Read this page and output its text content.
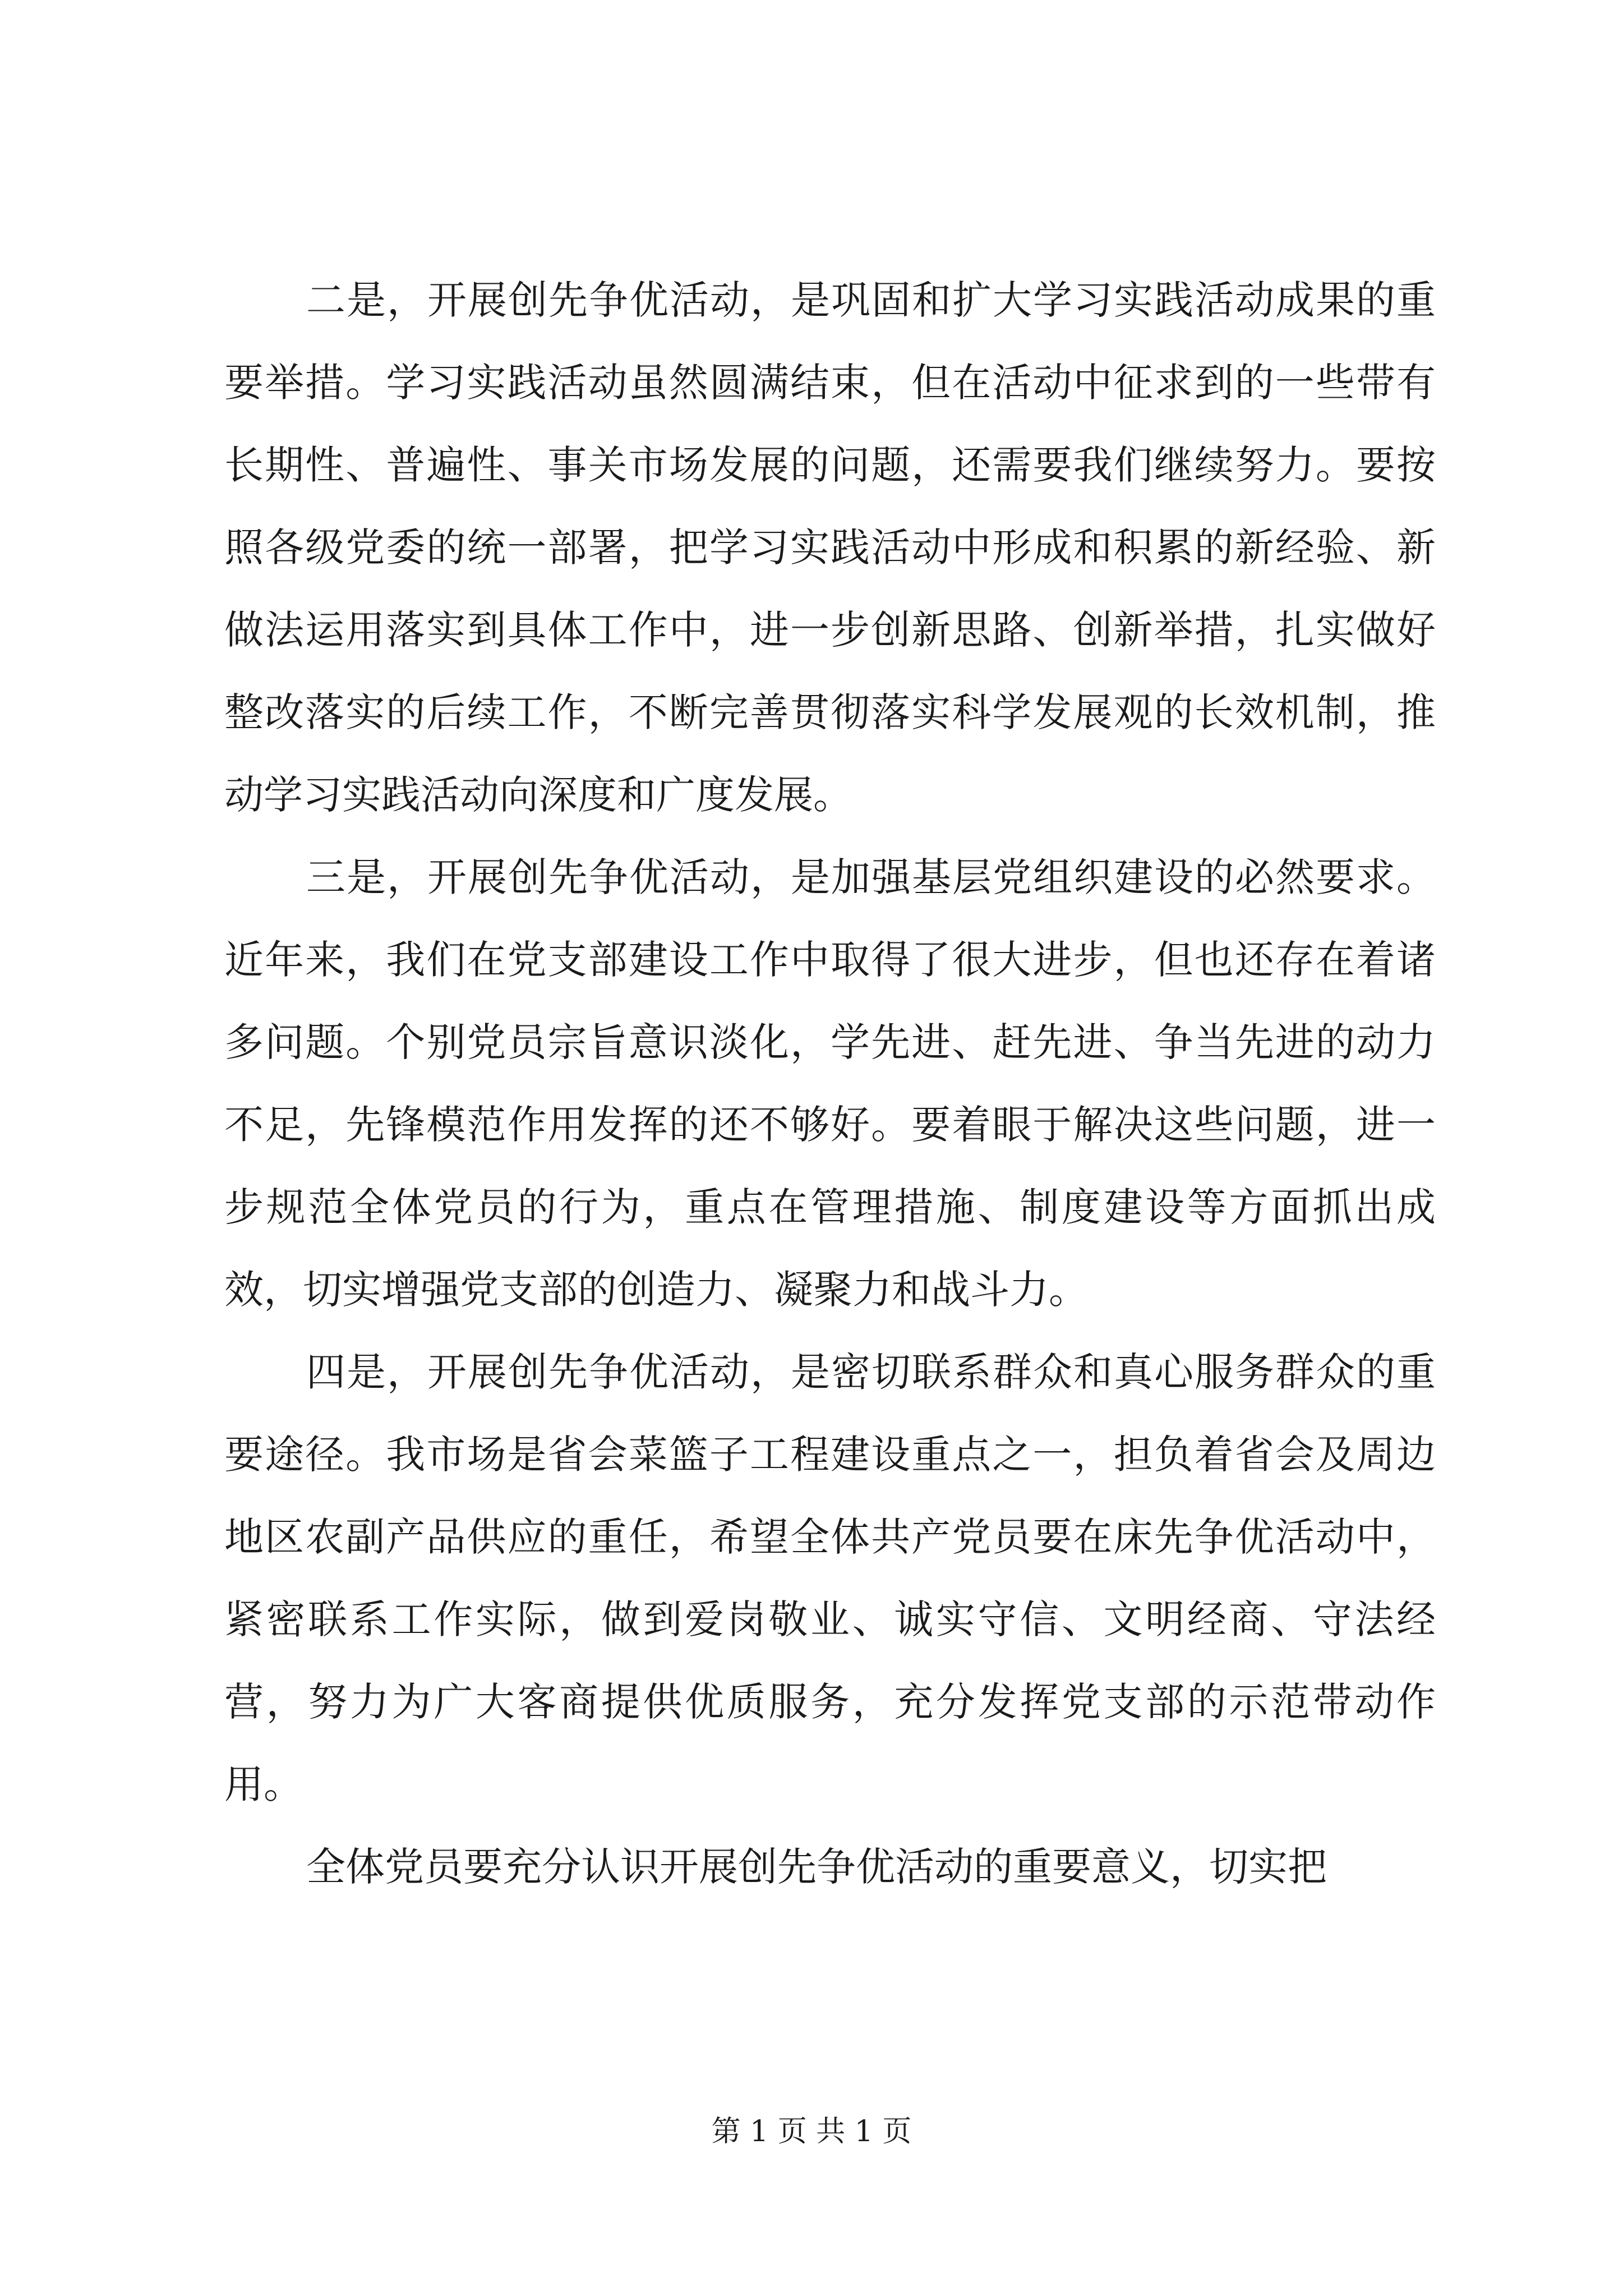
二是，开展创先争优活动，是巩固和扩大学习实践活动成果的重要举措。学习实践活动虽然圆满结束，但在活动中征求到的一些带有长期性、普遍性、事关市场发展的问题，还需要我们继续努力。要按照各级党委的统一部署，把学习实践活动中形成和积累的新经验、新做法运用落实到具体工作中，进一步创新思路、创新举措，扎实做好整改落实的后续工作，不断完善贯彻落实科学发展观的长效机制，推动学习实践活动向深度和广度发展。

三是，开展创先争优活动，是加强基层党组织建设的必然要求。近年来，我们在党支部建设工作中取得了很大进步，但也还存在着诸多问题。个别党员宗旨意识淡化，学先进、赶先进、争当先进的动力不足，先锋模范作用发挥的还不够好。要着眼于解决这些问题，进一步规范全体党员的行为，重点在管理措施、制度建设等方面抓出成效，切实增强党支部的创造力、凝聚力和战斗力。

四是，开展创先争优活动，是密切联系群众和真心服务群众的重要途径。我市场是省会菜篮子工程建设重点之一，担负着省会及周边地区农副产品供应的重任，希望全体共产党员要在床先争优活动中，紧密联系工作实际，做到爱岗敬业、诚实守信、文明经商、守法经营，努力为广大客商提供优质服务，充分发挥党支部的示范带动作用。

全体党员要充分认识开展创先争优活动的重要意义，切实把

第 1 页 共 1 页
